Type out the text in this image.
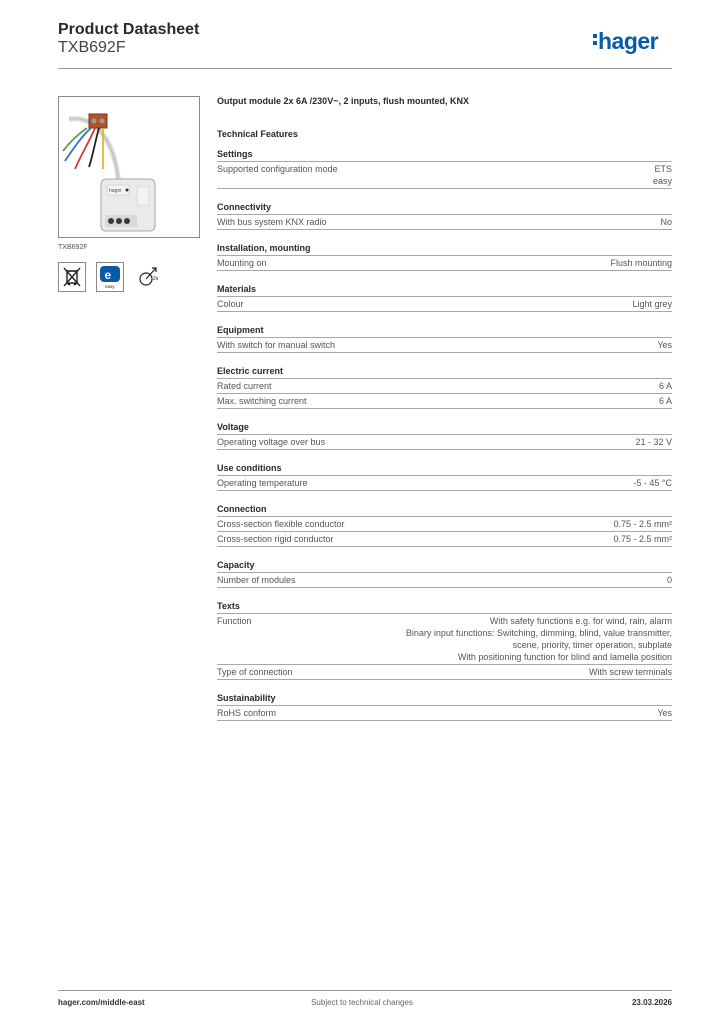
Product Datasheet
TXB692F	hager
hager
TXB692F
e
easy
2s
Output module 2x 6A /230V~, 2 inputs, flush mounted, KNX
Technical Features
Settings
Supported configuration mode	ETS
easy
Connectivity
With bus system KNX radio	No
Installation, mounting
Mounting on	Flush mounting
Materials
Colour	Light grey
Equipment
With switch for manual switch	Yes
Electric current
Rated current	6 A
Max. switching current	6 A
Voltage
Operating voltage over bus	21 - 32 V
Use conditions
Operating temperature	-5 - 45 °C
Connection
Cross-section flexible conductor	0.75 - 2.5 mm²
Cross-section rigid conductor	0.75 - 2.5 mm²
Capacity
Number of modules	0
Texts
Function	With safety functions e.g. for wind, rain, alarm
Binary input functions: Switching, dimming, blind, value transmitter,
scene, priority, timer operation, subplate
With positioning function for blind and lamella position
Type of connection	With screw terminals
Sustainability
RoHS conform	Yes
hager.com/middle-east	Subject to technical changes	23.03.2026
